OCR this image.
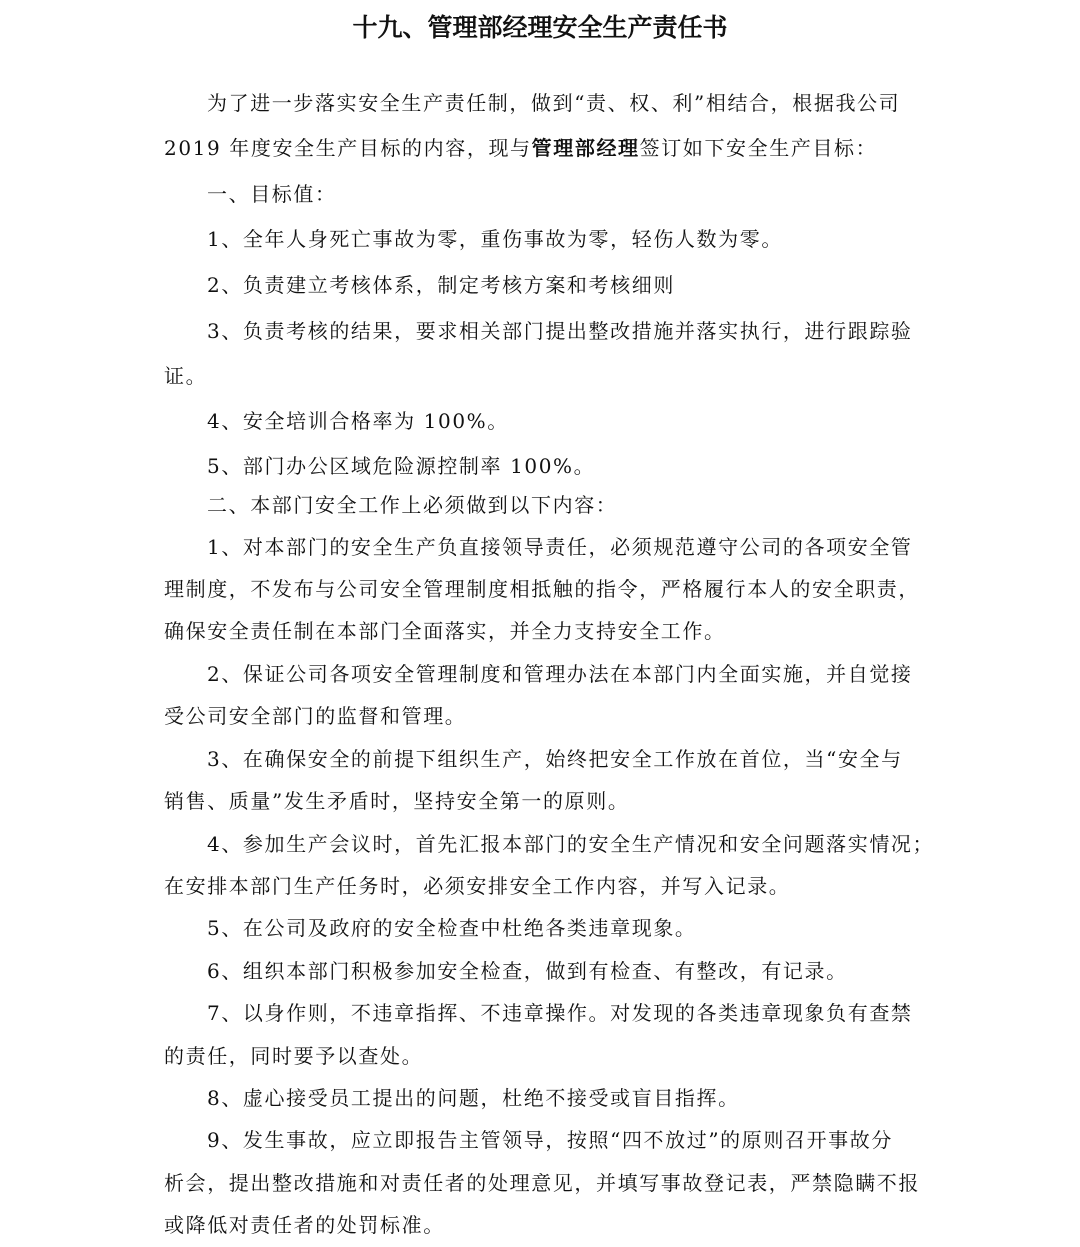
十九、管理部经理安全生产责任书
为了进一步落实安全生产责任制，做到“责、权、利”相结合，根据我公司
2019 年度安全生产目标的内容，现与管理部经理签订如下安全生产目标：
一、目标值：
1、全年人身死亡事故为零，重伤事故为零，轻伤人数为零。
2、负责建立考核体系，制定考核方案和考核细则
3、负责考核的结果，要求相关部门提出整改措施并落实执行，进行跟踪验
证。
4、安全培训合格率为 100%。
5、部门办公区域危险源控制率 100%。
二、本部门安全工作上必须做到以下内容：
1、对本部门的安全生产负直接领导责任，必须规范遵守公司的各项安全管
理制度，不发布与公司安全管理制度相抵触的指令，严格履行本人的安全职责，
确保安全责任制在本部门全面落实，并全力支持安全工作。
2、保证公司各项安全管理制度和管理办法在本部门内全面实施，并自觉接
受公司安全部门的监督和管理。
3、在确保安全的前提下组织生产，始终把安全工作放在首位，当“安全与
销售、质量”发生矛盾时，坚持安全第一的原则。
4、参加生产会议时，首先汇报本部门的安全生产情况和安全问题落实情况；
在安排本部门生产任务时，必须安排安全工作内容，并写入记录。
5、在公司及政府的安全检查中杜绝各类违章现象。
6、组织本部门积极参加安全检查，做到有检查、有整改，有记录。
7、以身作则，不违章指挥、不违章操作。对发现的各类违章现象负有查禁
的责任，同时要予以查处。
8、虚心接受员工提出的问题，杜绝不接受或盲目指挥。
9、发生事故，应立即报告主管领导，按照“四不放过”的原则召开事故分
析会，提出整改措施和对责任者的处理意见，并填写事故登记表，严禁隐瞒不报
或降低对责任者的处罚标准。
